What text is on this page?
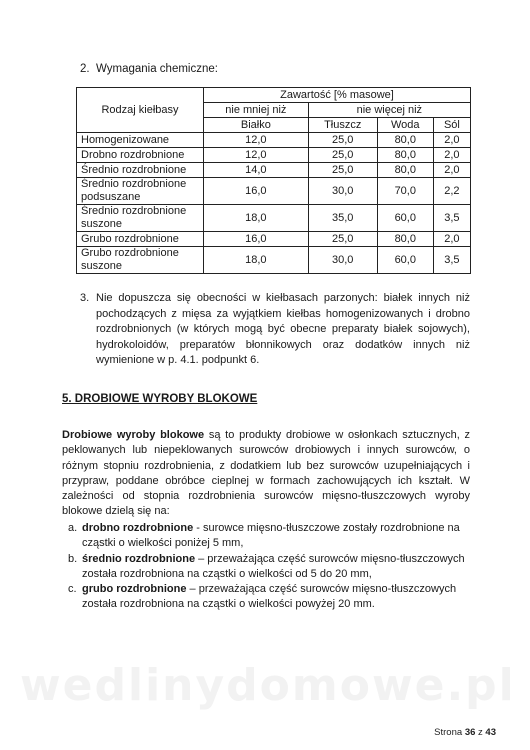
2. Wymagania chemiczne:
Rodzaj kiełbasy	Zawartość [% masowe]			
	nie mniej niż	nie więcej niż		
	Białko	Tłuszcz	Woda	Sól
Homogenizowane	12,0	25,0	80,0	2,0
Drobno rozdrobnione	12,0	25,0	80,0	2,0
Średnio rozdrobnione	14,0	25,0	80,0	2,0
Średnio rozdrobnione podsuszane	16,0	30,0	70,0	2,2
Średnio rozdrobnione suszone	18,0	35,0	60,0	3,5
Grubo rozdrobnione	16,0	25,0	80,0	2,0
Grubo rozdrobnione suszone	18,0	30,0	60,0	3,5
3. Nie dopuszcza się obecności w kiełbasach parzonych: białek innych niż pochodzących z mięsa za wyjątkiem kiełbas homogenizowanych i drobno rozdrobnionych (w których mogą być obecne preparaty białek sojowych), hydrokoloidów, preparatów błonnikowych oraz dodatków innych niż wymienione w p. 4.1. podpunkt 6.
5. DROBIOWE WYROBY BLOKOWE
Drobiowe wyroby blokowe są to produkty drobiowe w osłonkach sztucznych, z peklowanych lub niepeklowanych surowców drobiowych i innych surowców, o różnym stopniu rozdrobnienia, z dodatkiem lub bez surowców uzupełniających i przypraw, poddane obróbce cieplnej w formach zachowujących ich kształt. W zależności od stopnia rozdrobnienia surowców mięsno-tłuszczowych wyroby blokowe dzielą się na:
a. drobno rozdrobnione - surowce mięsno-tłuszczowe zostały rozdrobnione na cząstki o wielkości poniżej 5 mm,
b. średnio rozdrobnione – przeważająca część surowców mięsno-tłuszczowych została rozdrobniona na cząstki o wielkości od 5 do 20 mm,
c. grubo rozdrobnione – przeważająca część surowców mięsno-tłuszczowych została rozdrobniona na cząstki o wielkości powyżej 20 mm.
wedlinydomowe.pl
Strona 36 z 43
